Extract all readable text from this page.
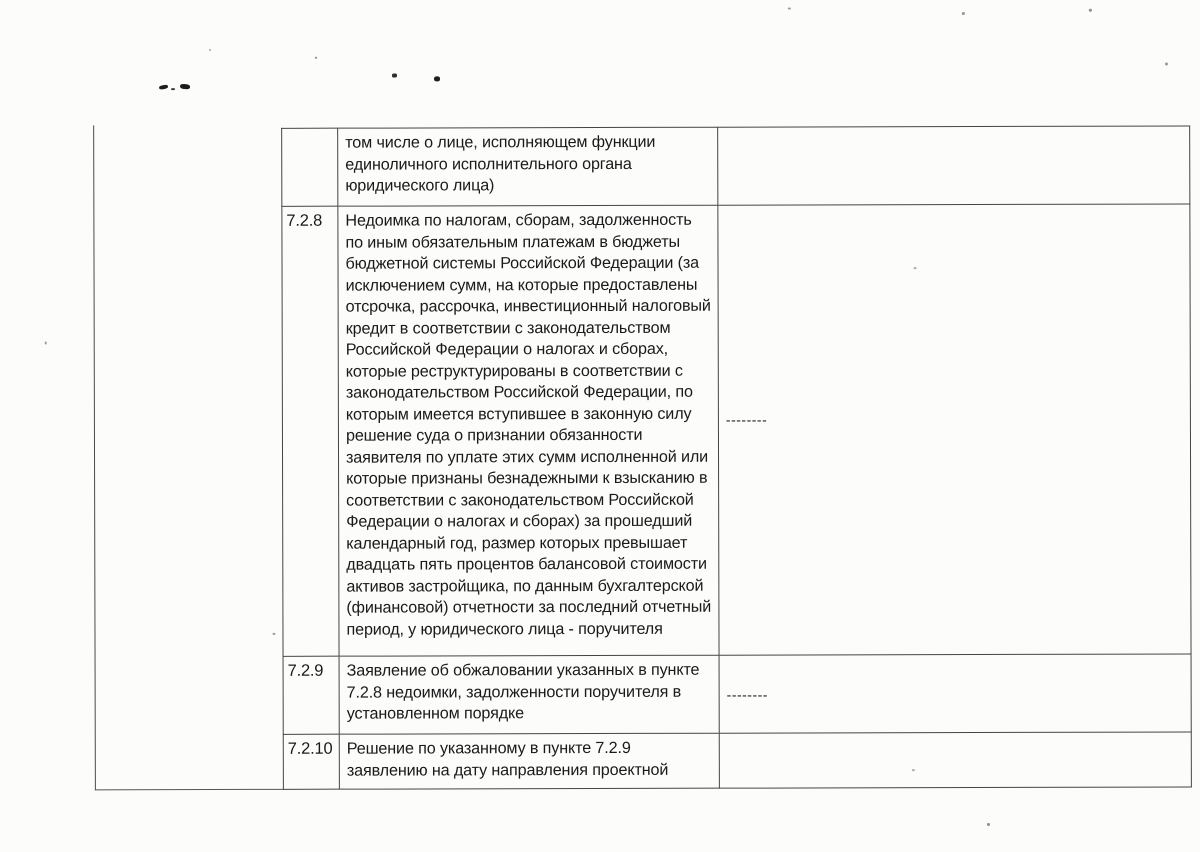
	том числе о лице, исполняющем функции единоличного исполнительного органа юридического лица)	

7.2.8	Недоимка по налогам, сборам, задолженность по иным обязательным платежам в бюджеты бюджетной системы Российской Федерации (за исключением сумм, на которые предоставлены отсрочка, рассрочка, инвестиционный налоговый кредит в соответствии с законодательством Российской Федерации о налогах и сборах, которые реструктурированы в соответствии с законодательством Российской Федерации, по которым имеется вступившее в законную силу решение суда о признании обязанности заявителя по уплате этих сумм исполненной или которые признаны безнадежными к взысканию в соответствии с законодательством Российской Федерации о налогах и сборах) за прошедший календарный год, размер которых превышает двадцать пять процентов балансовой стоимости активов застройщика, по данным бухгалтерской (финансовой) отчетности за последний отчетный период, у юридического лица - поручителя	--------
7.2.9	Заявление об обжаловании указанных в пункте 7.2.8 недоимки, задолженности поручителя в установленном порядке	--------
7.2.10	Решение по указанному в пункте 7.2.9 заявлению на дату направления проектной	
